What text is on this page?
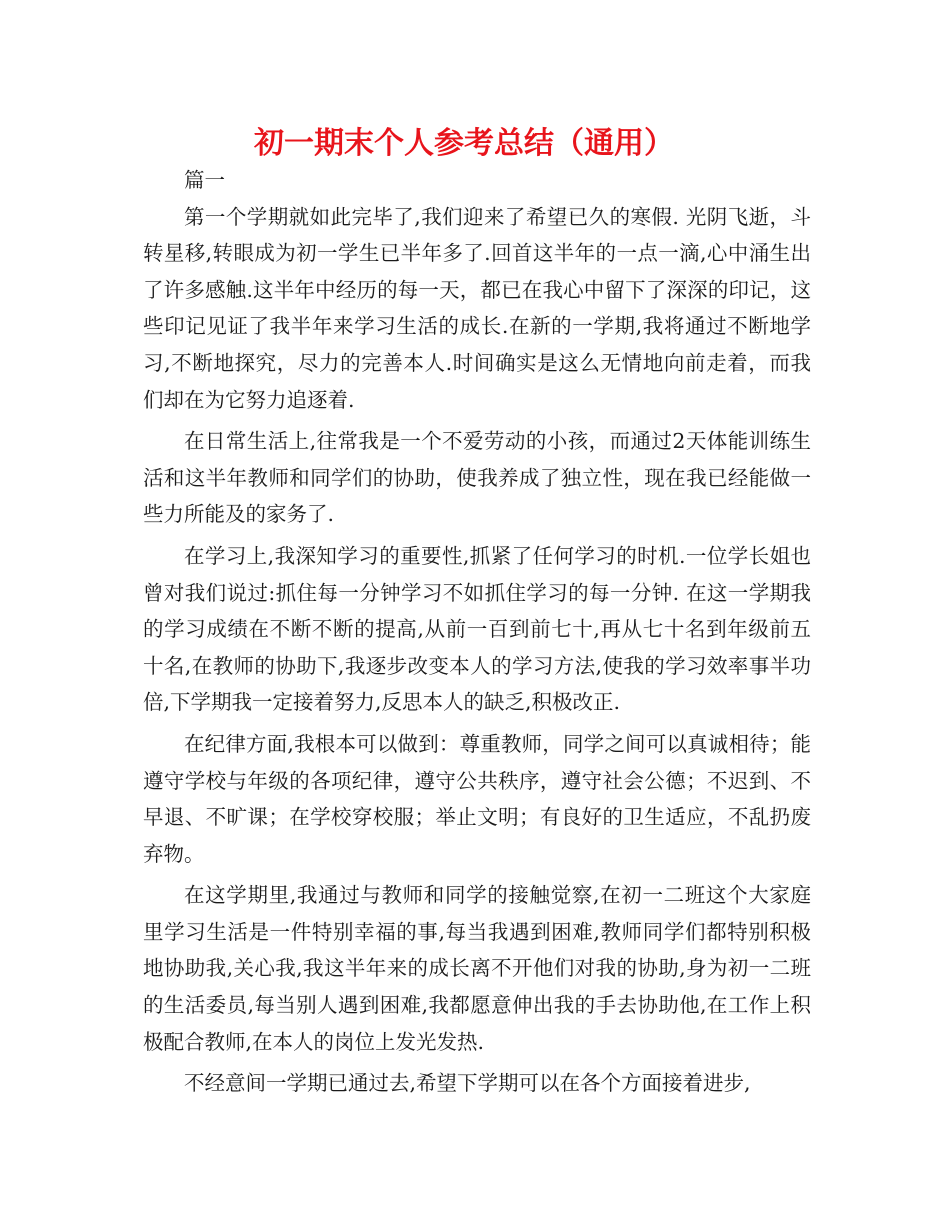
初一期末个人参考总结（通用）

篇一

第一个学期就如此完毕了,我们迎来了希望已久的寒假. 光阴飞逝，斗转星移,转眼成为初一学生已半年多了.回首这半年的一点一滴,心中涌生出了许多感触.这半年中经历的每一天，都已在我心中留下了深深的印记，这些印记见证了我半年来学习生活的成长.在新的一学期,我将通过不断地学习,不断地探究，尽力的完善本人.时间确实是这么无情地向前走着，而我们却在为它努力追逐着.

在日常生活上,往常我是一个不爱劳动的小孩，而通过2天体能训练生活和这半年教师和同学们的协助，使我养成了独立性，现在我已经能做一些力所能及的家务了.

在学习上,我深知学习的重要性,抓紧了任何学习的时机.一位学长姐也曾对我们说过:抓住每一分钟学习不如抓住学习的每一分钟. 在这一学期我的学习成绩在不断不断的提高,从前一百到前七十,再从七十名到年级前五十名,在教师的协助下,我逐步改变本人的学习方法,使我的学习效率事半功倍,下学期我一定接着努力,反思本人的缺乏,积极改正.

在纪律方面,我根本可以做到：尊重教师，同学之间可以真诚相待；能遵守学校与年级的各项纪律，遵守公共秩序，遵守社会公德；不迟到、不早退、不旷课；在学校穿校服；举止文明；有良好的卫生适应，不乱扔废弃物。

在这学期里,我通过与教师和同学的接触觉察,在初一二班这个大家庭里学习生活是一件特别幸福的事,每当我遇到困难,教师同学们都特别积极地协助我,关心我,我这半年来的成长离不开他们对我的协助,身为初一二班的生活委员,每当别人遇到困难,我都愿意伸出我的手去协助他,在工作上积极配合教师,在本人的岗位上发光发热.

不经意间一学期已通过去,希望下学期可以在各个方面接着进步,
